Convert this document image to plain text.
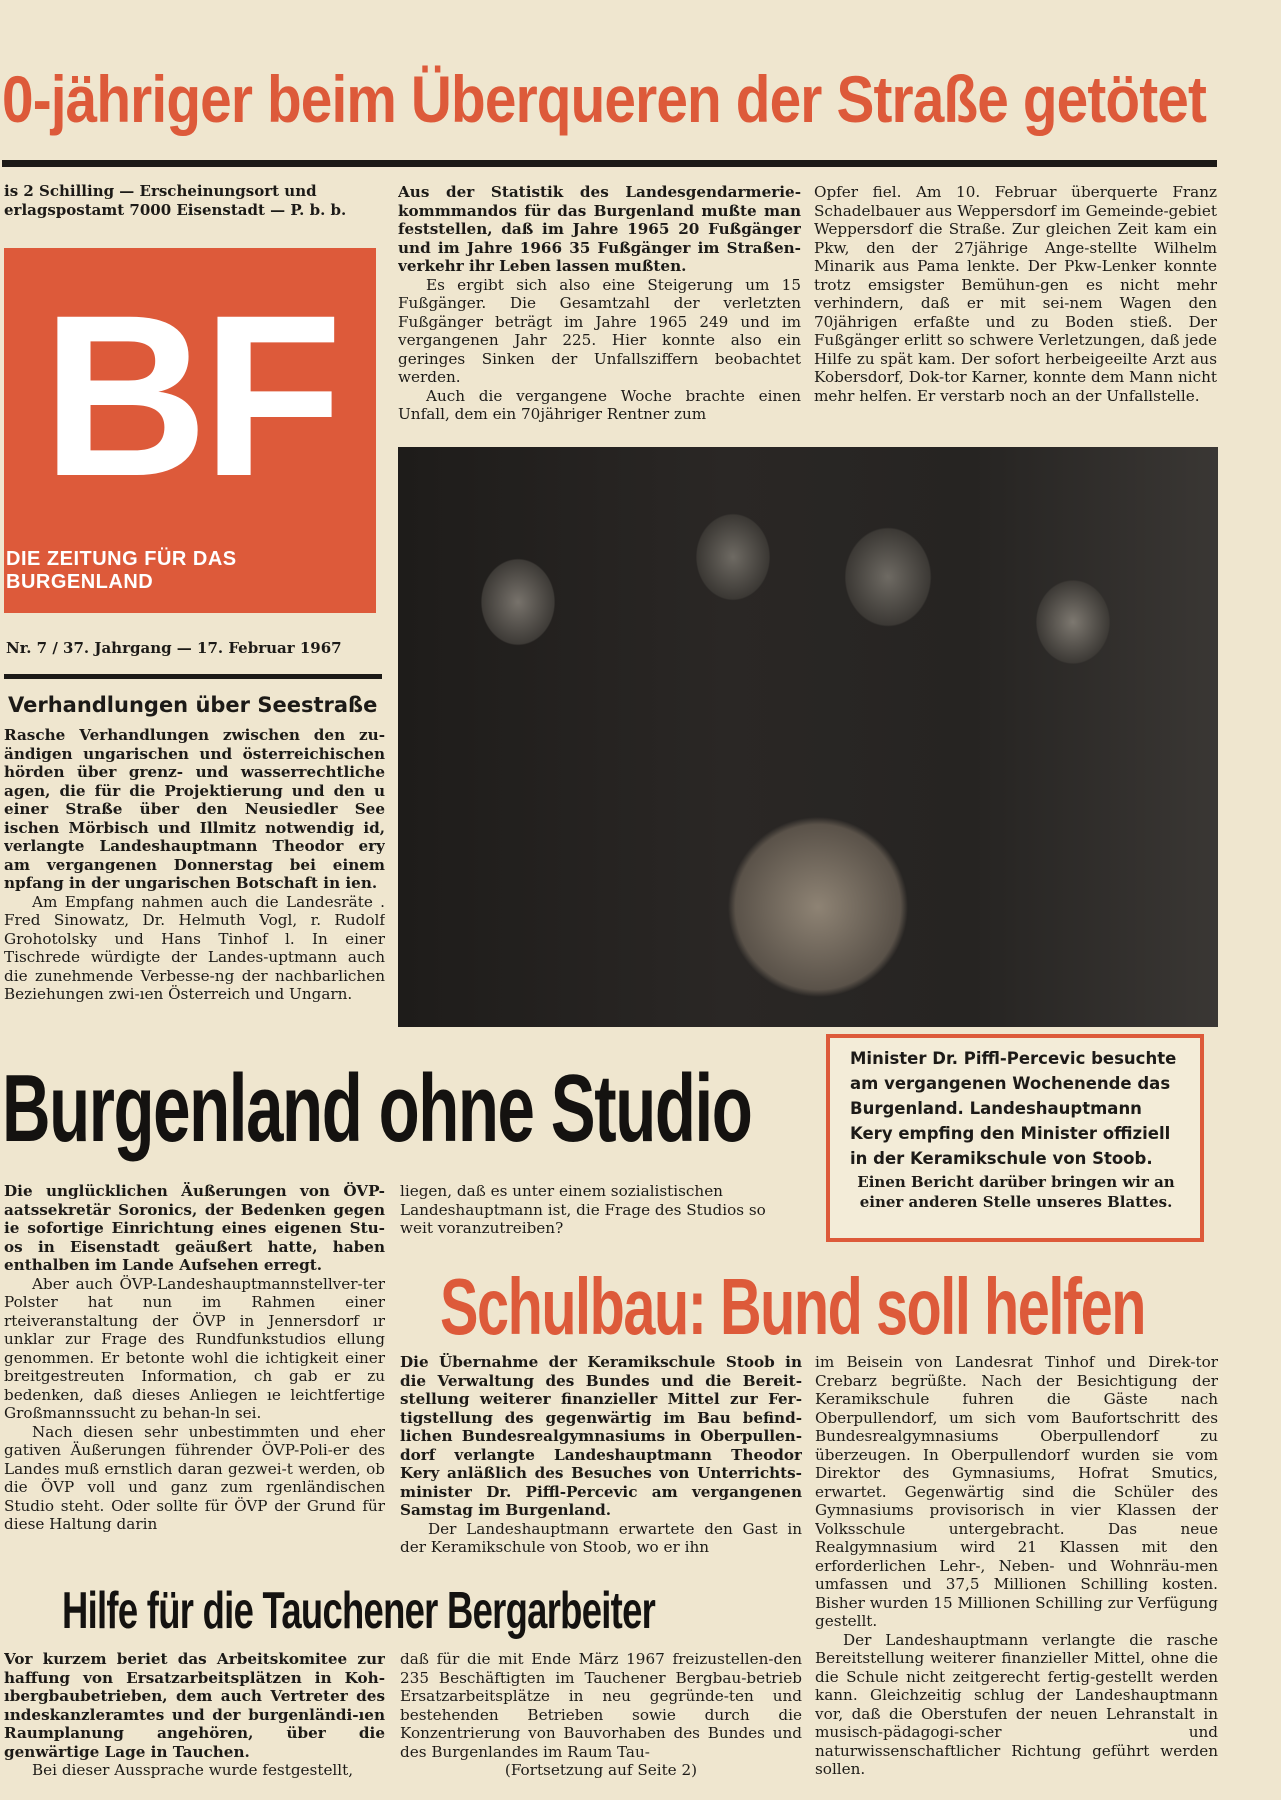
0-jähriger beim Überqueren der Straße getötet
is 2 Schilling — Erscheinungsort und erlagspostamt 7000 Eisenstadt — P. b. b.
BF
DIE ZEITUNG FÜR DAS BURGENLAND
Nr. 7 / 37. Jahrgang — 17. Februar 1967

Aus der Statistik des Landesgendarmerie-kommmandos für das Burgenland mußte man feststellen, daß im Jahre 1965 20 Fußgänger und im Jahre 1966 35 Fußgänger im Straßen-verkehr ihr Leben lassen mußten.

Es ergibt sich also eine Steigerung um 15 Fußgänger. Die Gesamtzahl der verletzten Fußgänger beträgt im Jahre 1965 249 und im vergangenen Jahr 225. Hier konnte also ein geringes Sinken der Unfallsziffern beobachtet werden.

Auch die vergangene Woche brachte einen Unfall, dem ein 70jähriger Rentner zum

Opfer fiel. Am 10. Februar überquerte Franz Schadelbauer aus Weppersdorf im Gemeinde-gebiet Weppersdorf die Straße. Zur gleichen Zeit kam ein Pkw, den der 27jährige Ange-stellte Wilhelm Minarik aus Pama lenkte. Der Pkw-Lenker konnte trotz emsigster Bemühun-gen es nicht mehr verhindern, daß er mit sei-nem Wagen den 70jährigen erfaßte und zu Boden stieß. Der Fußgänger erlitt so schwere Verletzungen, daß jede Hilfe zu spät kam. Der sofort herbeigeeilte Arzt aus Kobersdorf, Dok-tor Karner, konnte dem Mann nicht mehr helfen. Er verstarb noch an der Unfallstelle.

Verhandlungen über Seestraße

Rasche Verhandlungen zwischen den zu-ändigen ungarischen und österreichischen hörden über grenz- und wasserrechtliche agen, die für die Projektierung und den u einer Straße über den Neusiedler See ischen Mörbisch und Illmitz notwendig id, verlangte Landeshauptmann Theodor ery am vergangenen Donnerstag bei einem npfang in der ungarischen Botschaft in ien.

Am Empfang nahmen auch die Landesräte . Fred Sinowatz, Dr. Helmuth Vogl, r. Rudolf Grohotolsky und Hans Tinhof l. In einer Tischrede würdigte der Landes-uptmann auch die zunehmende Verbesse-ng der nachbarlichen Beziehungen zwi-ıen Österreich und Ungarn.

Burgenland ohne Studio	Minister Dr. Piffl-Percevic besuchte am vergangenen Wochenende das Burgenland. Landeshauptmann Kery empfing den Minister offiziell in der Keramikschule von Stoob.
Einen Bericht darüber bringen wir an einer anderen Stelle unseres Blattes.

Die unglücklichen Äußerungen von ÖVP-aatssekretär Soronics, der Bedenken gegen ie sofortige Einrichtung eines eigenen Stu-os in Eisenstadt geäußert hatte, haben enthalben im Lande Aufsehen erregt.

Aber auch ÖVP-Landeshauptmannstellver-ter Polster hat nun im Rahmen einer rteiveranstaltung der ÖVP in Jennersdorf ır unklar zur Frage des Rundfunkstudios ellung genommen. Er betonte wohl die ichtigkeit einer breitgestreuten Information, ch gab er zu bedenken, daß dieses Anliegen ıe leichtfertige Großmannssucht zu behan-ln sei.

Nach diesen sehr unbestimmten und eher gativen Äußerungen führender ÖVP-Poli-er des Landes muß ernstlich daran gezwei-t werden, ob die ÖVP voll und ganz zum rgenländischen Studio steht. Oder sollte für ÖVP der Grund für diese Haltung darin

liegen, daß es unter einem sozialistischen Landeshauptmann ist, die Frage des Studios so weit voranzutreiben?

Schulbau: Bund soll helfen

Die Übernahme der Keramikschule Stoob in die Verwaltung des Bundes und die Bereit-stellung weiterer finanzieller Mittel zur Fer-tigstellung des gegenwärtig im Bau befind-lichen Bundesrealgymnasiums in Oberpullen-dorf verlangte Landeshauptmann Theodor Kery anläßlich des Besuches von Unterrichts-minister Dr. Piffl-Percevic am vergangenen Samstag im Burgenland.

Der Landeshauptmann erwartete den Gast in der Keramikschule von Stoob, wo er ihn

im Beisein von Landesrat Tinhof und Direk-tor Crebarz begrüßte. Nach der Besichtigung der Keramikschule fuhren die Gäste nach Oberpullendorf, um sich vom Baufortschritt des Bundesrealgymnasiums Oberpullendorf zu überzeugen. In Oberpullendorf wurden sie vom Direktor des Gymnasiums, Hofrat Smutics, erwartet. Gegenwärtig sind die Schüler des Gymnasiums provisorisch in vier Klassen der Volksschule untergebracht. Das neue Realgymnasium wird 21 Klassen mit den erforderlichen Lehr-, Neben- und Wohnräu-men umfassen und 37,5 Millionen Schilling kosten. Bisher wurden 15 Millionen Schilling zur Verfügung gestellt.

Der Landeshauptmann verlangte die rasche Bereitstellung weiterer finanzieller Mittel, ohne die die Schule nicht zeitgerecht fertig-gestellt werden kann. Gleichzeitig schlug der Landeshauptmann vor, daß die Oberstufen der neuen Lehranstalt in musisch-pädagogi-scher und naturwissenschaftlicher Richtung geführt werden sollen.

Hilfe für die Tauchener Bergarbeiter

Vor kurzem beriet das Arbeitskomitee zur haffung von Ersatzarbeitsplätzen in Koh-ıbergbaubetrieben, dem auch Vertreter des ındeskanzleramtes und der burgenländi-ıen Raumplanung angehören, über die genwärtige Lage in Tauchen.

Bei dieser Aussprache wurde festgestellt,

daß für die mit Ende März 1967 freizustellen-den 235 Beschäftigten im Tauchener Bergbau-betrieb Ersatzarbeitsplätze in neu gegründe-ten und bestehenden Betrieben sowie durch die Konzentrierung von Bauvorhaben des Bundes und des Burgenlandes im Raum Tau-

(Fortsetzung auf Seite 2)
